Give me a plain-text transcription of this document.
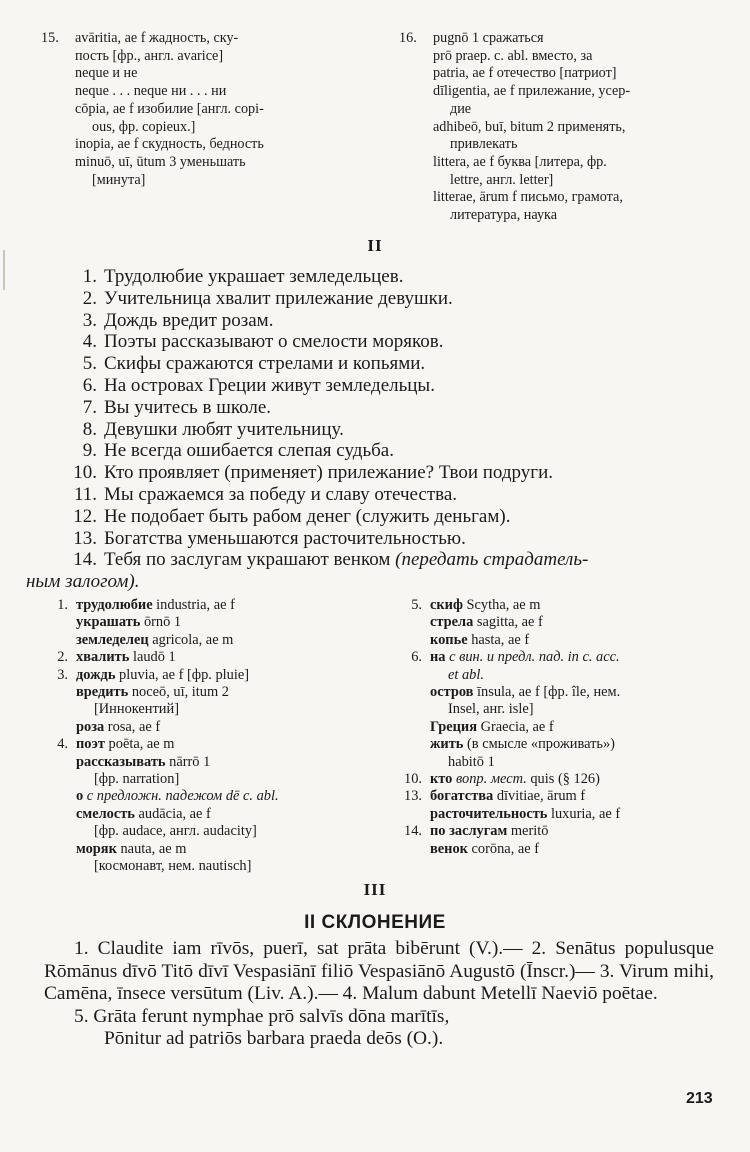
15. avāritia, ae f жадность, ску-
пость [фр., англ. avarice]
neque и не
neque . . . neque ни . . . ни
cōpia, ae f изобилие [англ. copi-
ous, фр. copieux.]
inopia, ae f скудность, бедность
minuō, uī, ūtum 3 уменьшать
[минута]
16. pugnō 1 сражаться
prō praep. c. abl. вместо, за
patria, ae f отечество [патриот]
dīligentia, ae f прилежание, усер-
дие
adhibeō, buī, bitum 2 применять,
привлекать
littera, ae f буква [литера, фр.
lettre, англ. letter]
litterae, ārum f письмо, грамота,
литература, наука
II
1. Трудолюбие украшает земледельцев.
2. Учительница хвалит прилежание девушки.
3. Дождь вредит розам.
4. Поэты рассказывают о смелости моряков.
5. Скифы сражаются стрелами и копьями.
6. На островах Греции живут земледельцы.
7. Вы учитесь в школе.
8. Девушки любят учительницу.
9. Не всегда ошибается слепая судьба.
10. Кто проявляет (применяет) прилежание? Твои подруги.
11. Мы сражаемся за победу и славу отечества.
12. Не подобает быть рабом денег (служить деньгам).
13. Богатства уменьшаются расточительностью.
14. Тебя по заслугам украшают венком (передать страдатель-
ным залогом).
1. трудолюбие industria, ae f
украшать ōrnō 1
земледелец agricola, ae m
2. хвалить laudō 1
3. дождь pluvia, ae f [фр. pluie]
вредить noceō, uī, itum 2
[Иннокентий]
роза rosa, ae f
4. поэт poēta, ae m
рассказывать nārrō 1
[фр. narration]
о с предложн. падежом dē c. abl.
смелость audācia, ae f
[фр. audace, англ. audacity]
моряк nauta, ae m
[космонавт, нем. nautisch]
5. скиф Scytha, ae m
стрела sagitta, ae f
копье hasta, ae f
6. на с вин. и предл. пад. in c. acc.
et abl.
остров īnsula, ae f [фр. île, нем.
Insel, анг. isle]
Греция Graecia, ae f
жить (в смысле «проживать»)
habitō 1
10. кто вопр. мест. quis (§ 126)
13. богатства dīvitiae, ārum f
расточительность luxuria, ae f
14. по заслугам meritō
венок corōna, ae f
III
II СКЛОНЕНИЕ

1. Claudite iam rīvōs, puerī, sat prāta bibērunt (V.).— 2. Senātus populusque Rōmānus dīvō Titō dīvī Vespasiānī filiō Vespasiānō Augustō (Īnscr.)— 3. Virum mihi, Camēna, īnsece versūtum (Liv. A.).— 4. Malum dabunt Metellī Naeviō poētae.

5. Grāta ferunt nymphae prō salvīs dōna marītīs,

Pōnitur ad patriōs barbara praeda deōs (O.).

213
